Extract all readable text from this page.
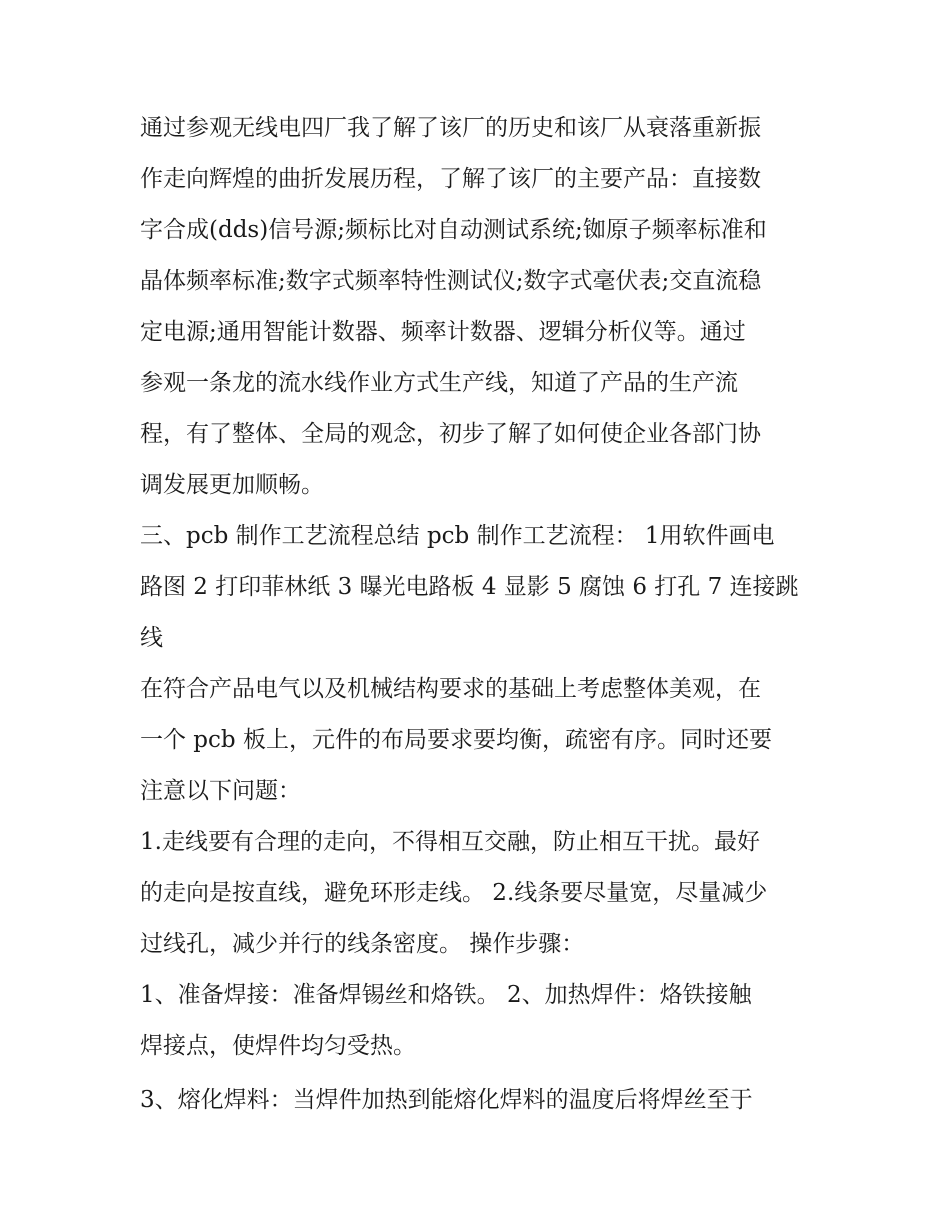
通过参观无线电四厂我了解了该厂的历史和该厂从衰落重新振

作走向辉煌的曲折发展历程，了解了该厂的主要产品：直接数

字合成(dds)信号源;频标比对自动测试系统;铷原子频率标准和

晶体频率标准;数字式频率特性测试仪;数字式毫伏表;交直流稳

定电源;通用智能计数器、频率计数器、逻辑分析仪等。通过

参观一条龙的流水线作业方式生产线，知道了产品的生产流

程，有了整体、全局的观念，初步了解了如何使企业各部门协

调发展更加顺畅。

三、pcb 制作工艺流程总结 pcb 制作工艺流程： 1用软件画电

路图 2 打印菲林纸 3 曝光电路板 4 显影 5 腐蚀 6 打孔 7 连接跳

线

在符合产品电气以及机械结构要求的基础上考虑整体美观，在

一个 pcb 板上，元件的布局要求要均衡，疏密有序。同时还要

注意以下问题：

1.走线要有合理的走向，不得相互交融，防止相互干扰。最好

的走向是按直线，避免环形走线。 2.线条要尽量宽，尽量减少

过线孔，减少并行的线条密度。 操作步骤：

1、准备焊接：准备焊锡丝和烙铁。 2、加热焊件：烙铁接触

焊接点，使焊件均匀受热。

3、熔化焊料：当焊件加热到能熔化焊料的温度后将焊丝至于
